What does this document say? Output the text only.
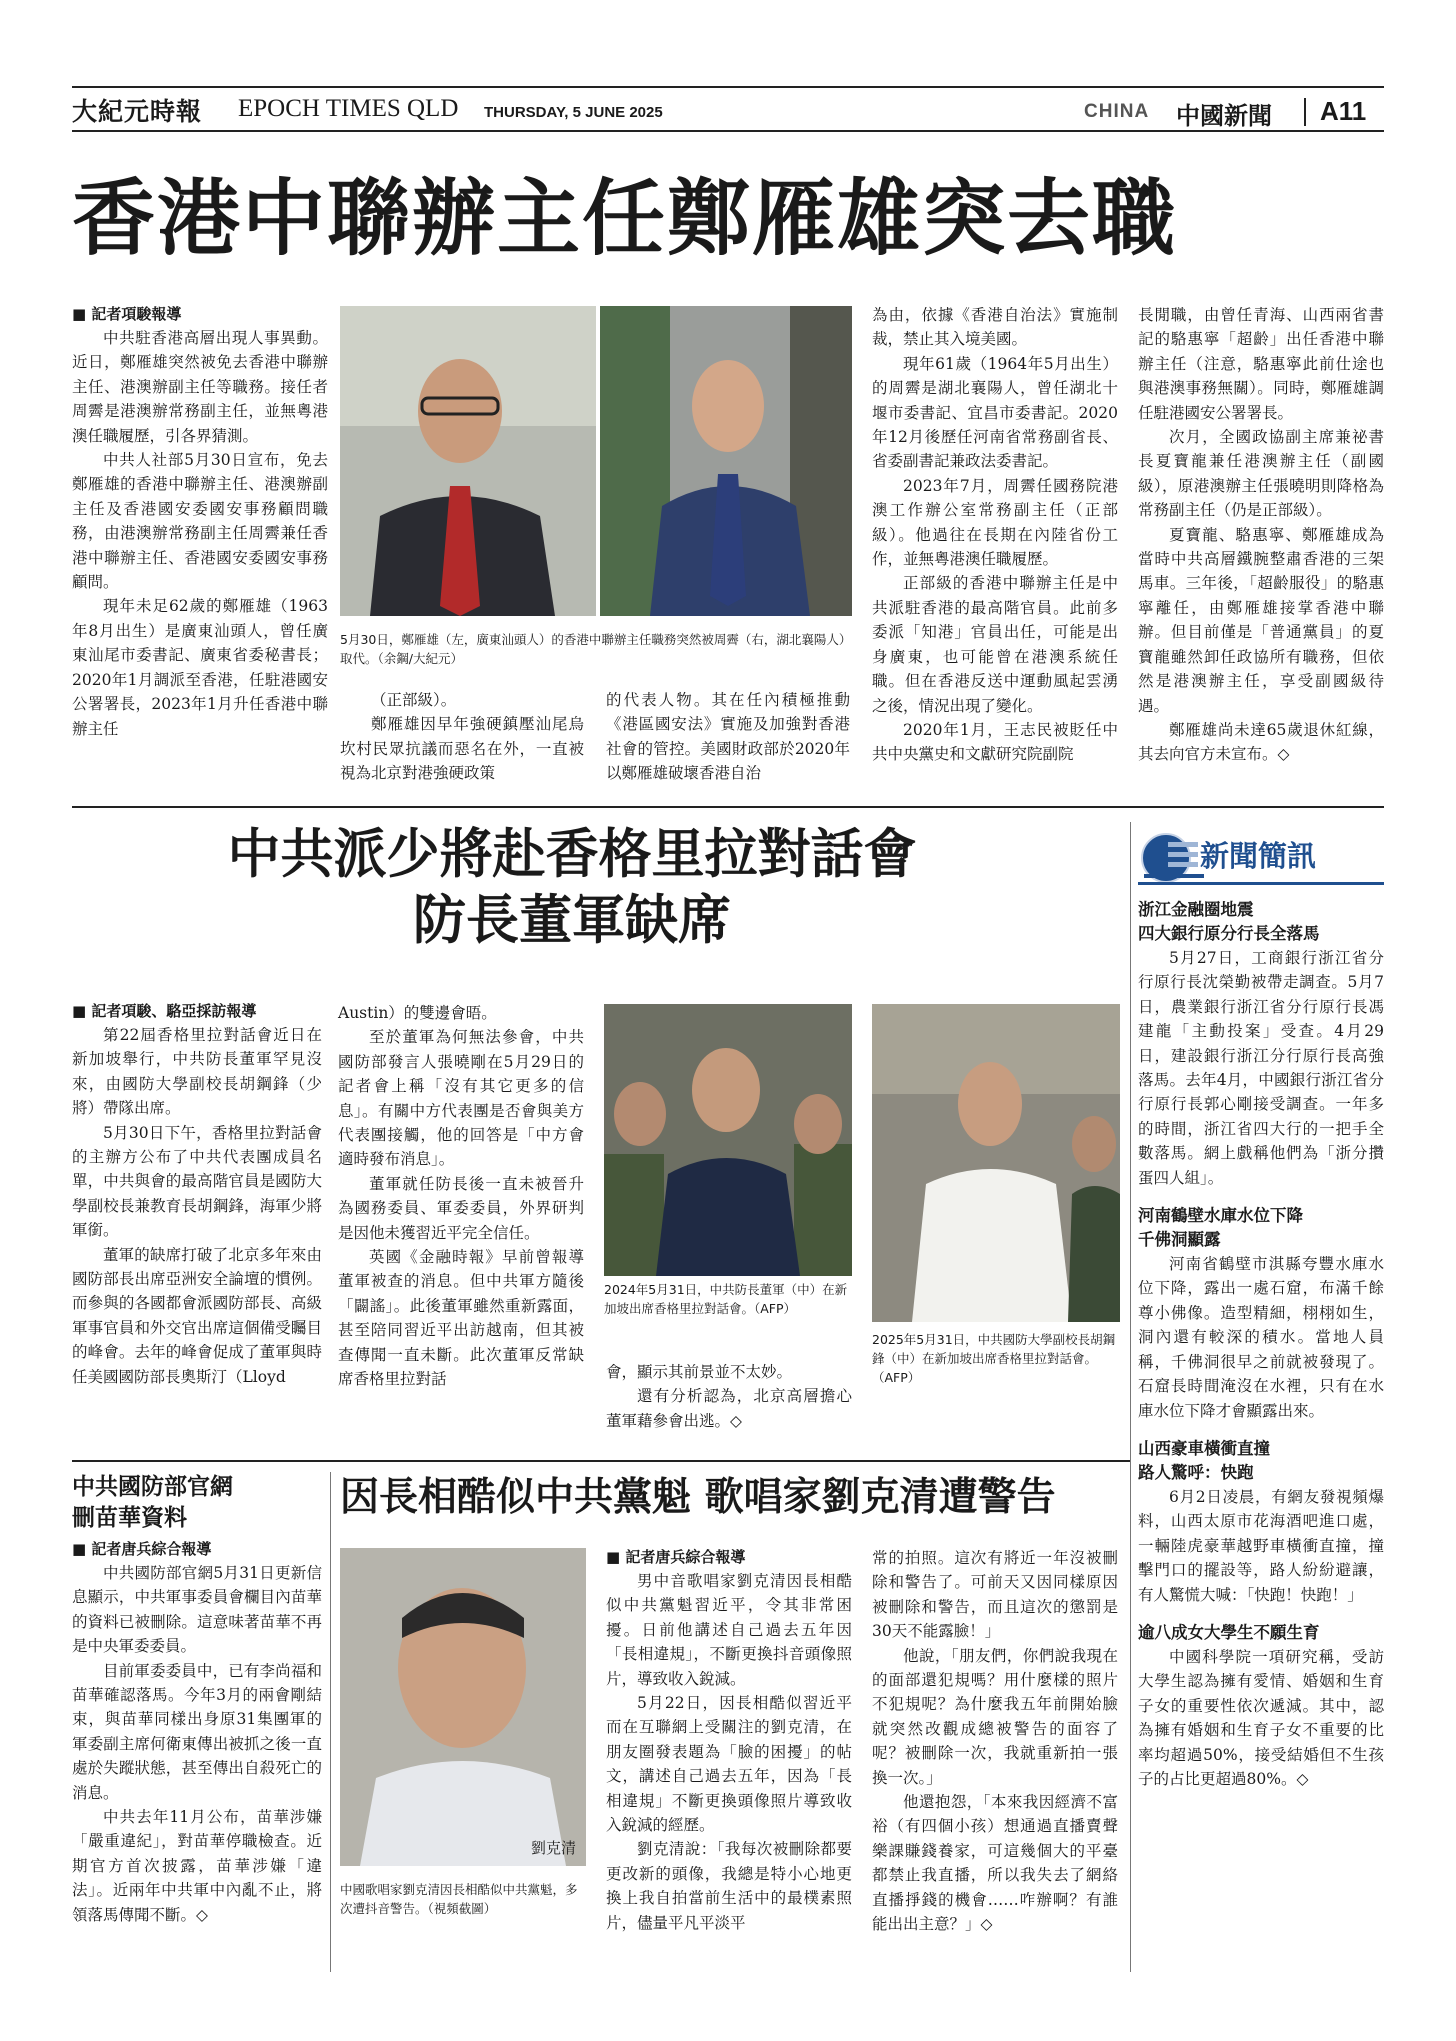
大紀元時報 EPOCH TIMES QLD THURSDAY, 5 JUNE 2025	CHINA 中國新聞 A11
香港中聯辦主任鄭雁雄突去職
■ 記者項駿報導

中共駐香港高層出現人事異動。近日，鄭雁雄突然被免去香港中聯辦主任、港澳辦副主任等職務。接任者周霽是港澳辦常務副主任，並無粵港澳任職履歷，引各界猜測。

中共人社部5月30日宣布，免去鄭雁雄的香港中聯辦主任、港澳辦副主任及香港國安委國安事務顧問職務，由港澳辦常務副主任周霽兼任香港中聯辦主任、香港國安委國安事務顧問。

現年未足62歲的鄭雁雄（1963年8月出生）是廣東汕頭人，曾任廣東汕尾市委書記、廣東省委秘書長；2020年1月調派至香港，任駐港國安公署署長，2023年1月升任香港中聯辦主任

5月30日，鄭雁雄（左，廣東汕頭人）的香港中聯辦主任職務突然被周霽（右，湖北襄陽人）取代。（余鋼/大紀元）

（正部級）。

鄭雁雄因早年強硬鎮壓汕尾烏坎村民眾抗議而惡名在外，一直被視為北京對港強硬政策

的代表人物。其在任內積極推動《港區國安法》實施及加強對香港社會的管控。美國財政部於2020年以鄭雁雄破壞香港自治

為由，依據《香港自治法》實施制裁，禁止其入境美國。

現年61歲（1964年5月出生）的周霽是湖北襄陽人，曾任湖北十堰市委書記、宜昌市委書記。2020年12月後歷任河南省常務副省長、省委副書記兼政法委書記。

2023年7月，周霽任國務院港澳工作辦公室常務副主任（正部級）。他過往在長期在內陸省份工作，並無粵港澳任職履歷。

正部級的香港中聯辦主任是中共派駐香港的最高階官員。此前多委派「知港」官員出任，可能是出身廣東，也可能曾在港澳系統任職。但在香港反送中運動風起雲湧之後，情況出現了變化。

2020年1月，王志民被貶任中共中央黨史和文獻研究院副院

長閒職，由曾任青海、山西兩省書記的駱惠寧「超齡」出任香港中聯辦主任（注意，駱惠寧此前仕途也與港澳事務無關）。同時，鄭雁雄調任駐港國安公署署長。

次月，全國政協副主席兼祕書長夏寶龍兼任港澳辦主任（副國級），原港澳辦主任張曉明則降格為常務副主任（仍是正部級）。

夏寶龍、駱惠寧、鄭雁雄成為當時中共高層鐵腕整肅香港的三架馬車。三年後，「超齡服役」的駱惠寧離任，由鄭雁雄接掌香港中聯辦。但目前僅是「普通黨員」的夏寶龍雖然卸任政協所有職務，但依然是港澳辦主任，享受副國級待遇。

鄭雁雄尚未達65歲退休紅線，其去向官方未宣布。◇

中共派少將赴香格里拉對話會
防長董軍缺席
■ 記者項駿、駱亞採訪報導

第22屆香格里拉對話會近日在新加坡舉行，中共防長董軍罕見沒來，由國防大學副校長胡鋼鋒（少將）帶隊出席。

5月30日下午，香格里拉對話會的主辦方公布了中共代表團成員名單，中共與會的最高階官員是國防大學副校長兼教育長胡鋼鋒，海軍少將軍銜。

董軍的缺席打破了北京多年來由國防部長出席亞洲安全論壇的慣例。而參與的各國都會派國防部長、高級軍事官員和外交官出席這個備受矚目的峰會。去年的峰會促成了董軍與時任美國國防部長奧斯汀（Lloyd

Austin）的雙邊會晤。

至於董軍為何無法參會，中共國防部發言人張曉剛在5月29日的記者會上稱「沒有其它更多的信息」。有關中方代表團是否會與美方代表團接觸，他的回答是「中方會適時發布消息」。

董軍就任防長後一直未被晉升為國務委員、軍委委員，外界研判是因他未獲習近平完全信任。

英國《金融時報》早前曾報導董軍被查的消息。但中共軍方隨後「闢謠」。此後董軍雖然重新露面，甚至陪同習近平出訪越南，但其被查傳聞一直未斷。此次董軍反常缺席香格里拉對話

2024年5月31日，中共防長董軍（中）在新加坡出席香格里拉對話會。（AFP）

會，顯示其前景並不太妙。

還有分析認為，北京高層擔心董軍藉參會出逃。◇

2025年5月31日，中共國防大學副校長胡鋼鋒（中）在新加坡出席香格里拉對話會。（AFP）
新聞簡訊
浙江金融圈地震
四大銀行原分行長全落馬

5月27日，工商銀行浙江省分行原行長沈榮勤被帶走調查。5月7日，農業銀行浙江省分行原行長馮建龍「主動投案」受查。4月29日，建設銀行浙江分行原行長高強落馬。去年4月，中國銀行浙江省分行原行長郭心剛接受調查。一年多的時間，浙江省四大行的一把手全數落馬。網上戲稱他們為「浙分攢蛋四人組」。

河南鶴壁水庫水位下降
千佛洞顯露

河南省鶴壁市淇縣夸豐水庫水位下降，露出一處石窟，布滿千餘尊小佛像。造型精細，栩栩如生，洞內還有較深的積水。當地人員稱，千佛洞很早之前就被發現了。石窟長時間淹沒在水裡，只有在水庫水位下降才會顯露出來。

山西豪車橫衝直撞
路人驚呼：快跑

6月2日凌晨，有網友發視頻爆料，山西太原市花海酒吧進口處，一輛陸虎豪華越野車橫衝直撞，撞擊門口的擺設等，路人紛紛避讓，有人驚慌大喊：「快跑！快跑！」

逾八成女大學生不願生育

中國科學院一項研究稱，受訪大學生認為擁有愛情、婚姻和生育子女的重要性依次遞減。其中，認為擁有婚姻和生育子女不重要的比率均超過50%，接受結婚但不生孩子的占比更超過80%。◇

中共國防部官網
刪苗華資料
■ 記者唐兵綜合報導

中共國防部官網5月31日更新信息顯示，中共軍事委員會欄目內苗華的資料已被刪除。這意味著苗華不再是中央軍委委員。

目前軍委委員中，已有李尚福和苗華確認落馬。今年3月的兩會剛結束，與苗華同樣出身原31集團軍的軍委副主席何衛東傳出被抓之後一直處於失蹤狀態，甚至傳出自殺死亡的消息。

中共去年11月公布，苗華涉嫌「嚴重違紀」，對苗華停職檢查。近期官方首次披露，苗華涉嫌「違法」。近兩年中共軍中內亂不止，將領落馬傳聞不斷。◇

因長相酷似中共黨魁 歌唱家劉克清遭警告
劉克清
中國歌唱家劉克清因長相酷似中共黨魁，多次遭抖音警告。（視頻截圖）
■ 記者唐兵綜合報導

男中音歌唱家劉克清因長相酷似中共黨魁習近平，令其非常困擾。日前他講述自己過去五年因「長相違規」，不斷更換抖音頭像照片，導致收入銳減。

5月22日，因長相酷似習近平而在互聯網上受關注的劉克清，在朋友圈發表題為「臉的困擾」的帖文，講述自己過去五年，因為「長相違規」不斷更換頭像照片導致收入銳減的經歷。

劉克清說：「我每次被刪除都要更改新的頭像，我總是特小心地更換上我自拍當前生活中的最樸素照片，儘量平凡平淡平

常的拍照。這次有將近一年沒被刪除和警告了。可前天又因同樣原因被刪除和警告，而且這次的懲罰是30天不能露臉！」

他說，「朋友們，你們說我現在的面部還犯規嗎？用什麼樣的照片不犯規呢？為什麼我五年前開始臉就突然改觀成總被警告的面容了呢？被刪除一次，我就重新拍一張換一次。」

他還抱怨，「本來我因經濟不富裕（有四個小孩）想通過直播賣聲樂課賺錢養家，可這幾個大的平臺都禁止我直播，所以我失去了網絡直播掙錢的機會……咋辦啊？有誰能出出主意？」◇
